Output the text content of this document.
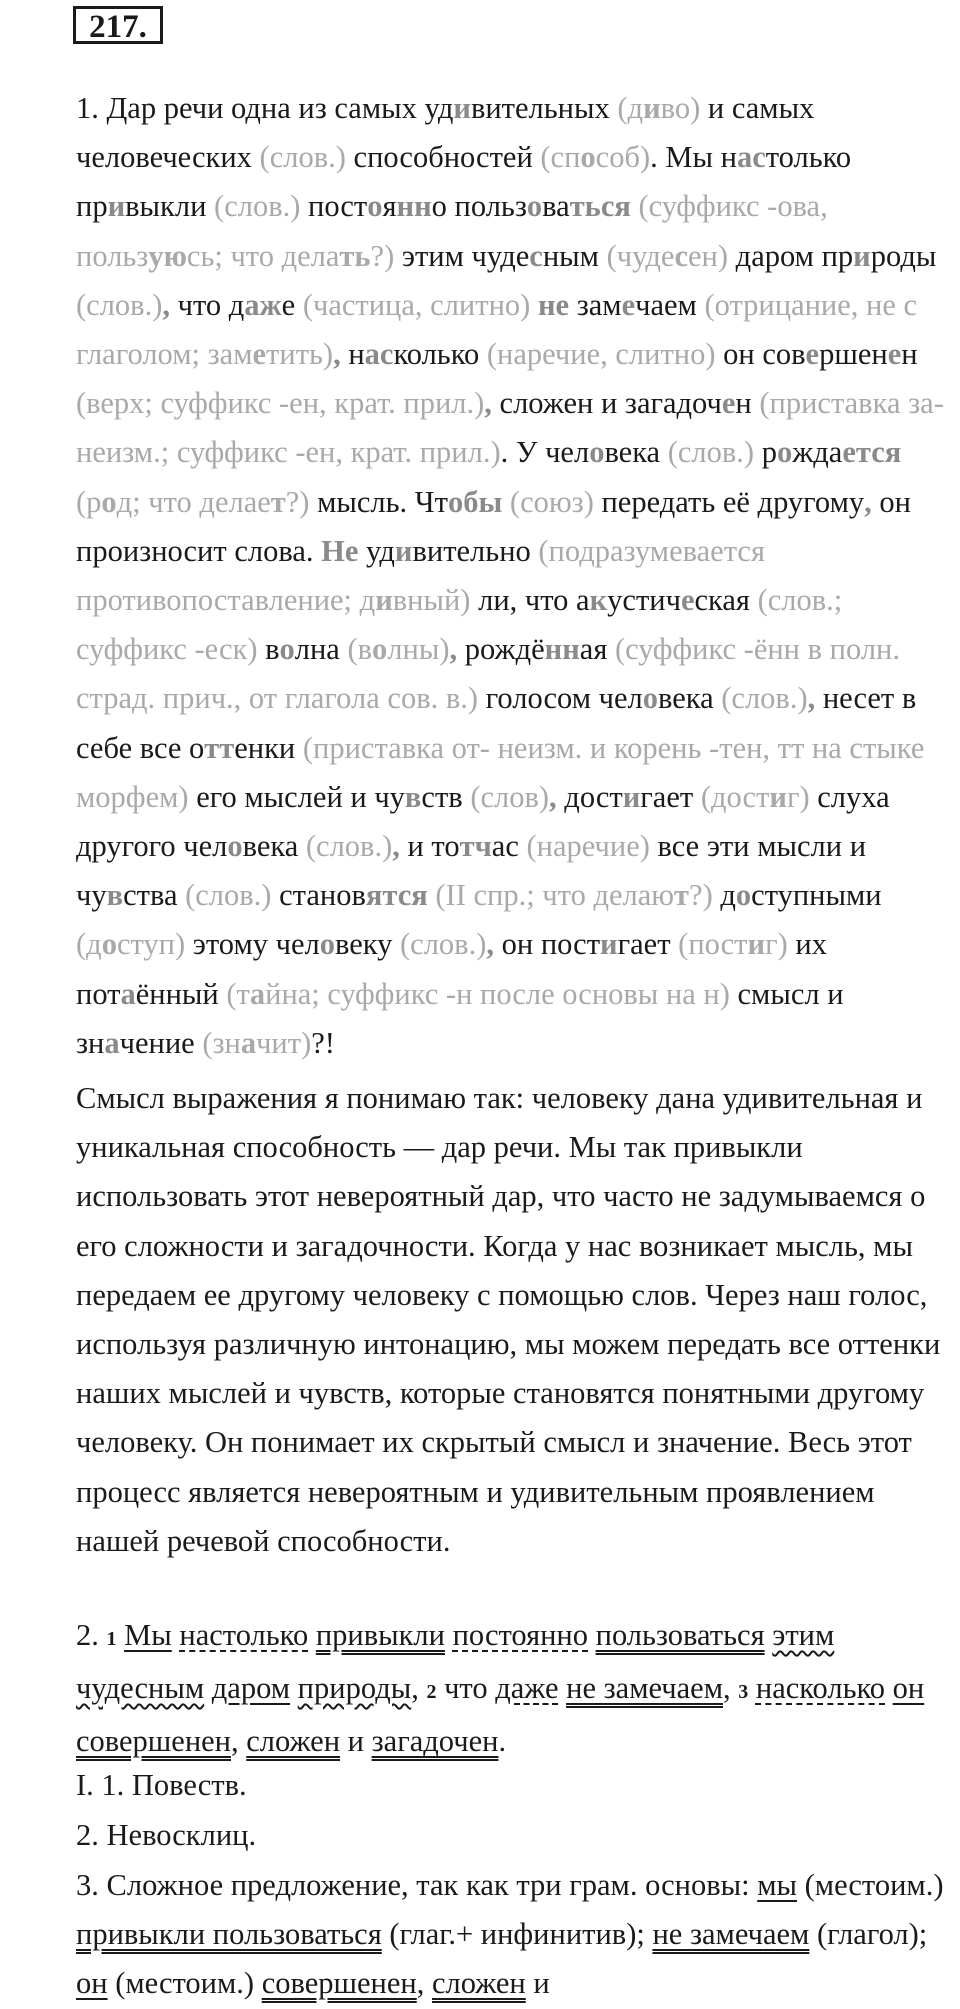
217.

1. Дар речи одна из самых удивительных (диво) и самых человеческих (слов.) способностей (способ). Мы настолько привыкли (слов.) постоянно пользоваться (суффикс -ова, пользуюсь; что делать?) этим чудесным (чудесен) даром природы (слов.), что даже (частица, слитно) не замечаем (отрицание, не с глаголом; заметить), насколько (наречие, слитно) он совершенен (верх; суффикс -ен, крат. прил.), сложен и загадочен (приставка за- неизм.; суффикс -ен, крат. прил.). У человека (слов.) рождается (род; что делает?) мысль. Чтобы (союз) передать её другому, он произносит слова. Не удивительно (подразумевается противопоставление; дивный) ли, что акустическая (слов.; суффикс -еск) волна (волны), рождённая (суффикс -ённ в полн. страд. прич., от глагола сов. в.) голосом человека (слов.), несет в себе все оттенки (приставка от- неизм. и корень -тен, тт на стыке морфем) его мыслей и чувств (слов), достигает (достиг) слуха другого человека (слов.), и тотчас (наречие) все эти мысли и чувства (слов.) становятся (II спр.; что делают?) доступными (доступ) этому человеку (слов.), он постигает (постиг) их потаённый (тайна; суффикс -н после основы на н) смысл и значение (значит)?!

Смысл выражения я понимаю так: человеку дана удивительная и уникальная способность — дар речи. Мы так привыкли использовать этот невероятный дар, что часто не задумываемся о его сложности и загадочности. Когда у нас возникает мысль, мы передаем ее другому человеку с помощью слов. Через наш голос, используя различную интонацию, мы можем передать все оттенки наших мыслей и чувств, которые становятся понятными другому человеку. Он понимает их скрытый смысл и значение. Весь этот процесс является невероятным и удивительным проявлением нашей речевой способности.

2. 1 Мы настолько привыкли постоянно пользоваться этим чудесным даром природы, 2 что даже не замечаем, 3 насколько он совершенен, сложен и загадочен.

I. 1. Повеств.

2. Невосклиц.

3. Сложное предложение, так как три грам. основы: мы (местоим.) привыкли пользоваться (глаг.+ инфинитив); не замечаем (глагол); он (местоим.) совершенен, сложен и
